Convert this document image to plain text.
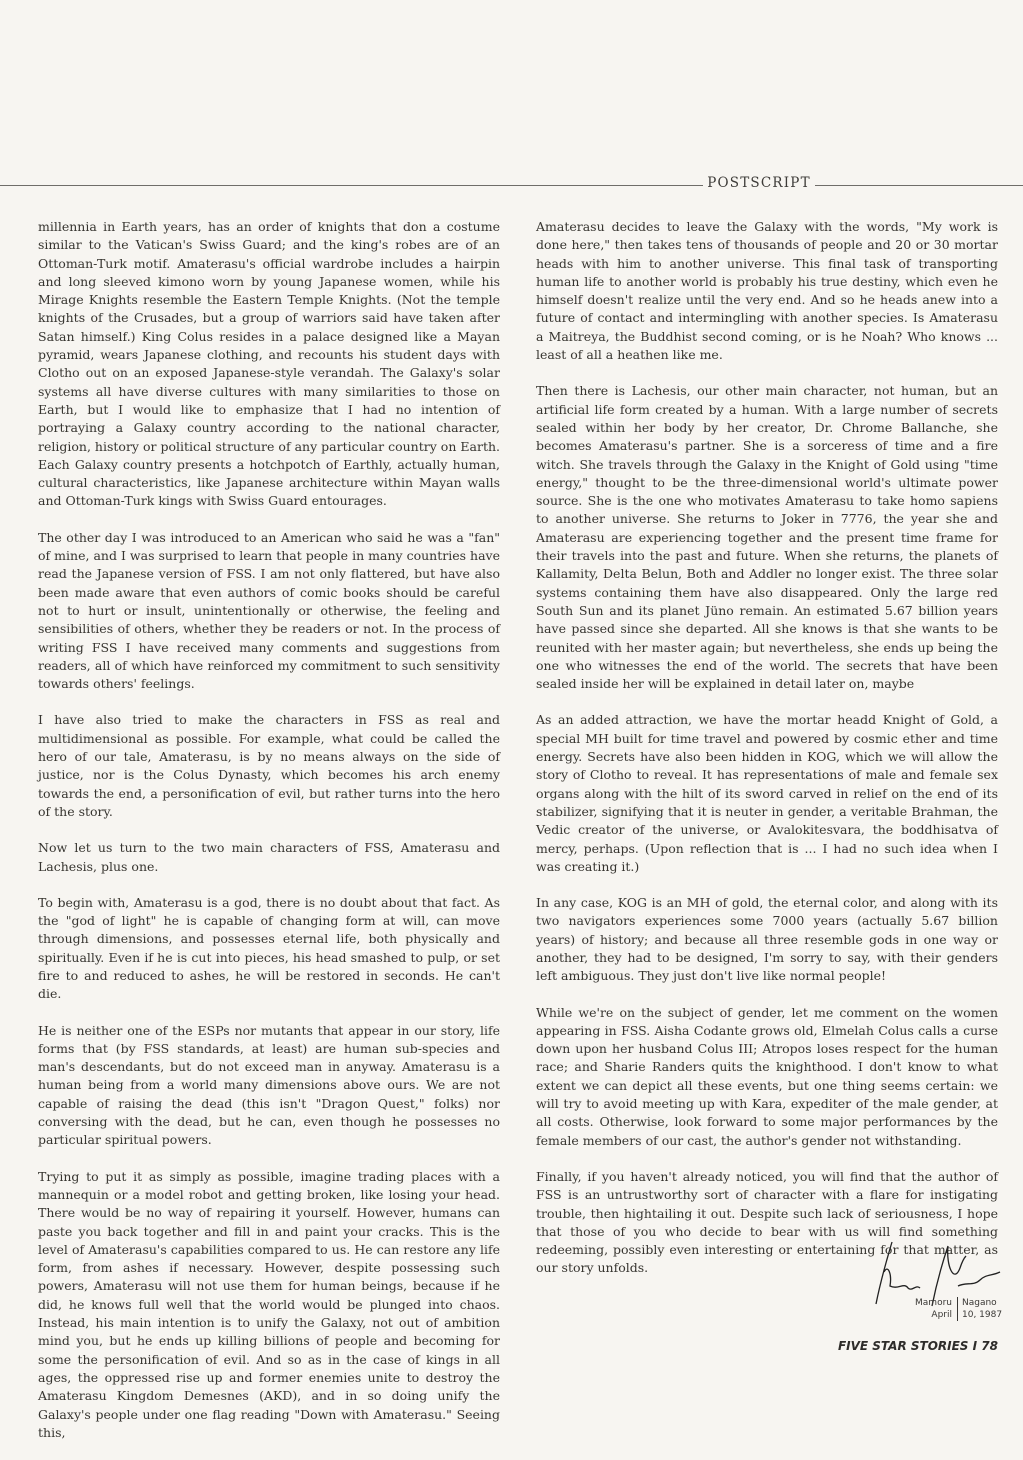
POSTSCRIPT

millennia in Earth years, has an order of knights that don a costume similar to the Vatican's Swiss Guard; and the king's robes are of an Ottoman-Turk motif. Amaterasu's official wardrobe includes a hairpin and long sleeved kimono worn by young Japanese women, while his Mirage Knights resemble the Eastern Temple Knights. (Not the temple knights of the Crusades, but a group of warriors said have taken after Satan himself.) King Colus resides in a palace designed like a Mayan pyramid, wears Japanese clothing, and recounts his student days with Clotho out on an exposed Japanese-style verandah. The Galaxy's solar systems all have diverse cultures with many similarities to those on Earth, but I would like to emphasize that I had no intention of portraying a Galaxy country according to the national character, religion, history or political structure of any particular country on Earth. Each Galaxy country presents a hotchpotch of Earthly, actually human, cultural characteristics, like Japanese architecture within Mayan walls and Ottoman-Turk kings with Swiss Guard entourages.

The other day I was introduced to an American who said he was a "fan" of mine, and I was surprised to learn that people in many countries have read the Japanese version of FSS. I am not only flattered, but have also been made aware that even authors of comic books should be careful not to hurt or insult, unintentionally or otherwise, the feeling and sensibilities of others, whether they be readers or not. In the process of writing FSS I have received many comments and suggestions from readers, all of which have reinforced my commitment to such sensitivity towards others' feelings.

I have also tried to make the characters in FSS as real and multidimensional as possible. For example, what could be called the hero of our tale, Amaterasu, is by no means always on the side of justice, nor is the Colus Dynasty, which becomes his arch enemy towards the end, a personification of evil, but rather turns into the hero of the story.

Now let us turn to the two main characters of FSS, Amaterasu and Lachesis, plus one.

To begin with, Amaterasu is a god, there is no doubt about that fact. As the "god of light" he is capable of changing form at will, can move through dimensions, and possesses eternal life, both physically and spiritually. Even if he is cut into pieces, his head smashed to pulp, or set fire to and reduced to ashes, he will be restored in seconds. He can't die.

He is neither one of the ESPs nor mutants that appear in our story, life forms that (by FSS standards, at least) are human sub-species and man's descendants, but do not exceed man in anyway. Amaterasu is a human being from a world many dimensions above ours. We are not capable of raising the dead (this isn't "Dragon Quest," folks) nor conversing with the dead, but he can, even though he possesses no particular spiritual powers.

Trying to put it as simply as possible, imagine trading places with a mannequin or a model robot and getting broken, like losing your head. There would be no way of repairing it yourself. However, humans can paste you back together and fill in and paint your cracks. This is the level of Amaterasu's capabilities compared to us. He can restore any life form, from ashes if necessary. However, despite possessing such powers, Amaterasu will not use them for human beings, because if he did, he knows full well that the world would be plunged into chaos. Instead, his main intention is to unify the Galaxy, not out of ambition mind you, but he ends up killing billions of people and becoming for some the personification of evil. And so as in the case of kings in all ages, the oppressed rise up and former enemies unite to destroy the Amaterasu Kingdom Demesnes (AKD), and in so doing unify the Galaxy's people under one flag reading "Down with Amaterasu." Seeing this,

Amaterasu decides to leave the Galaxy with the words, "My work is done here," then takes tens of thousands of people and 20 or 30 mortar heads with him to another universe. This final task of transporting human life to another world is probably his true destiny, which even he himself doesn't realize until the very end. And so he heads anew into a future of contact and intermingling with another species. Is Amaterasu a Maitreya, the Buddhist second coming, or is he Noah? Who knows ... least of all a heathen like me.

Then there is Lachesis, our other main character, not human, but an artificial life form created by a human. With a large number of secrets sealed within her body by her creator, Dr. Chrome Ballanche, she becomes Amaterasu's partner. She is a sorceress of time and a fire witch. She travels through the Galaxy in the Knight of Gold using "time energy," thought to be the three-dimensional world's ultimate power source. She is the one who motivates Amaterasu to take homo sapiens to another universe. She returns to Joker in 7776, the year she and Amaterasu are experiencing together and the present time frame for their travels into the past and future. When she returns, the planets of Kallamity, Delta Belun, Both and Addler no longer exist. The three solar systems containing them have also disappeared. Only the large red South Sun and its planet Jüno remain. An estimated 5.67 billion years have passed since she departed. All she knows is that she wants to be reunited with her master again; but nevertheless, she ends up being the one who witnesses the end of the world. The secrets that have been sealed inside her will be explained in detail later on, maybe

As an added attraction, we have the mortar headd Knight of Gold, a special MH built for time travel and powered by cosmic ether and time energy. Secrets have also been hidden in KOG, which we will allow the story of Clotho to reveal. It has representations of male and female sex organs along with the hilt of its sword carved in relief on the end of its stabilizer, signifying that it is neuter in gender, a veritable Brahman, the Vedic creator of the universe, or Avalokitesvara, the boddhisatva of mercy, perhaps. (Upon reflection that is ... I had no such idea when I was creating it.)

In any case, KOG is an MH of gold, the eternal color, and along with its two navigators experiences some 7000 years (actually 5.67 billion years) of history; and because all three resemble gods in one way or another, they had to be designed, I'm sorry to say, with their genders left ambiguous. They just don't live like normal people!

While we're on the subject of gender, let me comment on the women appearing in FSS. Aisha Codante grows old, Elmelah Colus calls a curse down upon her husband Colus III; Atropos loses respect for the human race; and Sharie Randers quits the knighthood. I don't know to what extent we can depict all these events, but one thing seems certain: we will try to avoid meeting up with Kara, expediter of the male gender, at all costs. Otherwise, look forward to some major performances by the female members of our cast, the author's gender not withstanding.

Finally, if you haven't already noticed, you will find that the author of FSS is an untrustworthy sort of character with a flare for instigating trouble, then hightailing it out. Despite such lack of seriousness, I hope that those of you who decide to bear with us will find something redeeming, possibly even interesting or entertaining for that matter, as our story unfolds.

Mamoru Nagano
April 10, 1987
FIVE STAR STORIES I 78
